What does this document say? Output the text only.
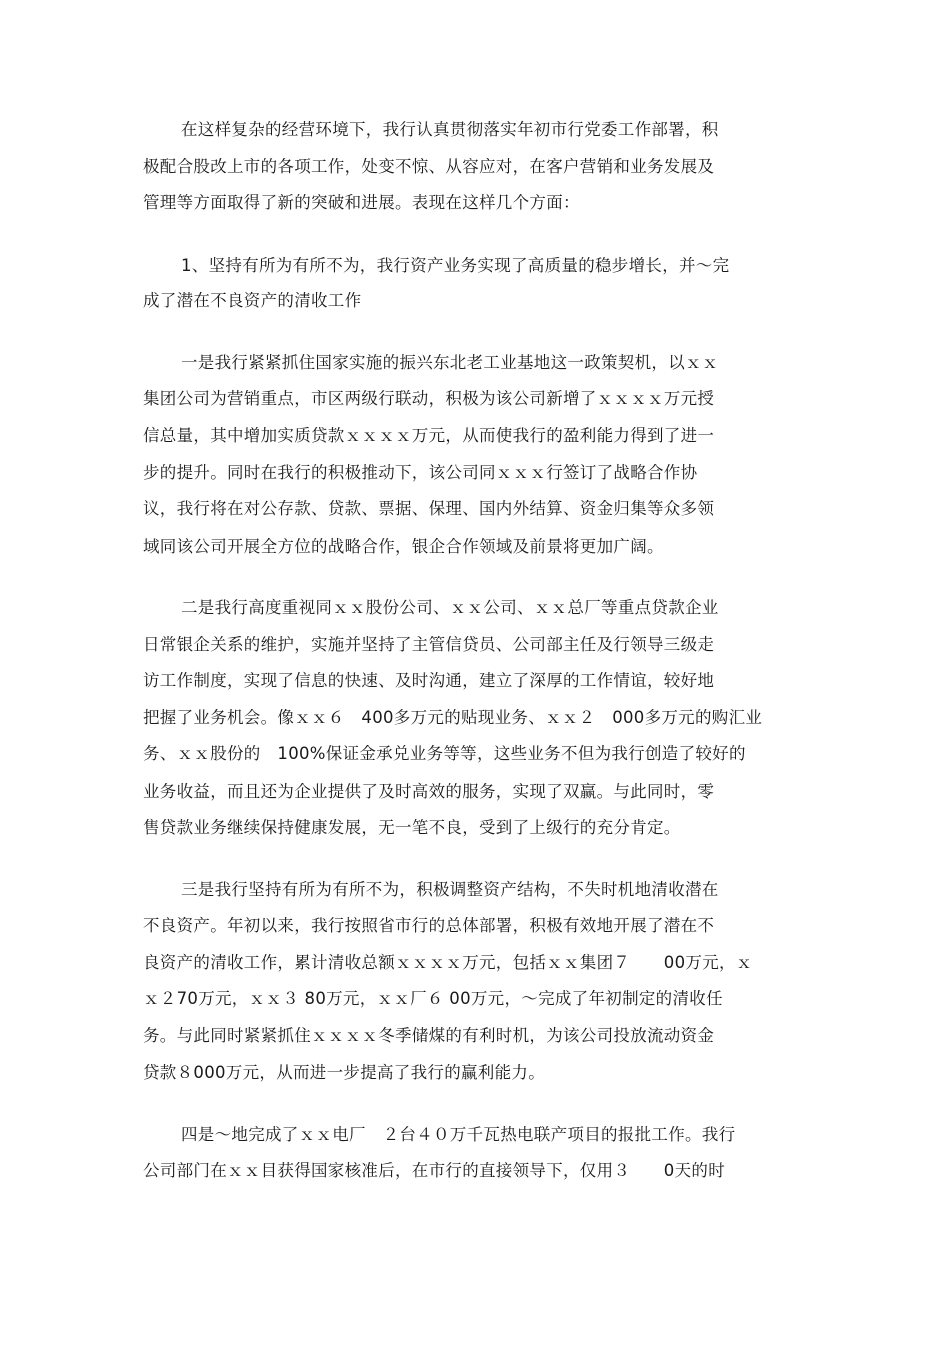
在这样复杂的经营环境下，我行认真贯彻落实年初市行党委工作部署，积
极配合股改上市的各项工作，处变不惊、从容应对，在客户营销和业务发展及
管理等方面取得了新的突破和进展。表现在这样几个方面：
1、坚持有所为有所不为，我行资产业务实现了高质量的稳步增长，并～完
成了潜在不良资产的清收工作
一是我行紧紧抓住国家实施的振兴东北老工业基地这一政策契机，以ｘｘ
集团公司为营销重点，市区两级行联动，积极为该公司新增了ｘｘｘｘ万元授
信总量，其中增加实质贷款ｘｘｘｘ万元，从而使我行的盈利能力得到了进一
步的提升。同时在我行的积极推动下，该公司同ｘｘｘ行签订了战略合作协
议，我行将在对公存款、贷款、票据、保理、国内外结算、资金归集等众多领
域同该公司开展全方位的战略合作，银企合作领域及前景将更加广阔。
二是我行高度重视同ｘｘ股份公司、ｘｘ公司、ｘｘ总厂等重点贷款企业
日常银企关系的维护，实施并坚持了主管信贷员、公司部主任及行领导三级走
访工作制度，实现了信息的快速、及时沟通，建立了深厚的工作情谊，较好地
把握了业务机会。像ｘｘ６　400多万元的贴现业务、ｘｘ２　000多万元的购汇业
务、ｘｘ股份的　100%保证金承兑业务等等，这些业务不但为我行创造了较好的
业务收益，而且还为企业提供了及时高效的服务，实现了双赢。与此同时，零
售贷款业务继续保持健康发展，无一笔不良，受到了上级行的充分肯定。
三是我行坚持有所为有所不为，积极调整资产结构，不失时机地清收潜在
不良资产。年初以来，我行按照省市行的总体部署，积极有效地开展了潜在不
良资产的清收工作，累计清收总额ｘｘｘｘ万元，包括ｘｘ集团７　　00万元，ｘ
ｘ２70万元，ｘｘ３ 80万元，ｘｘ厂６ 00万元，～完成了年初制定的清收任
务。与此同时紧紧抓住ｘｘｘｘ冬季储煤的有利时机，为该公司投放流动资金
贷款８000万元，从而进一步提高了我行的赢利能力。
四是～地完成了ｘｘ电厂　２台４０万千瓦热电联产项目的报批工作。我行
公司部门在ｘｘ目获得国家核准后，在市行的直接领导下，仅用３　　0天的时
